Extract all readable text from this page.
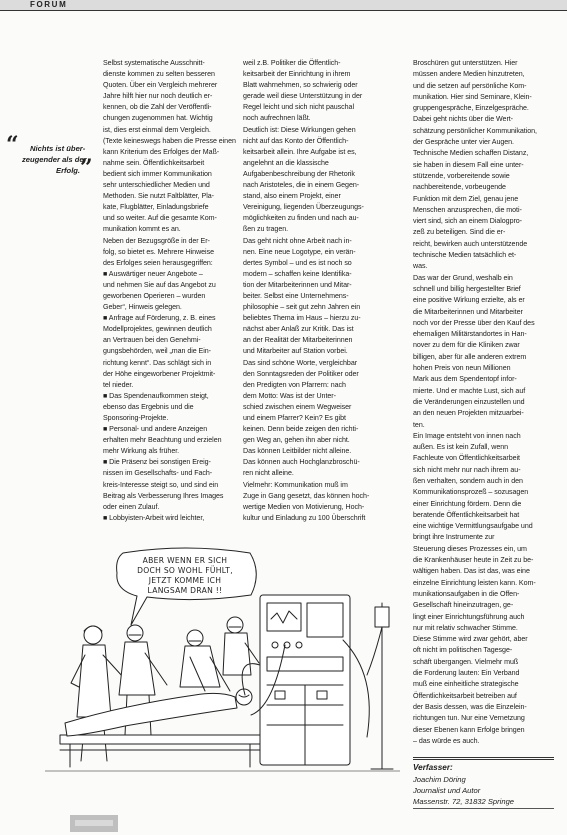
FORUM
“ Nichts ist über-
zeugender als der
Erfolg. ”
Selbst systematische Ausschnitt-
dienste kommen zu selten besseren
Quoten. Über ein Vergleich mehrerer
Jahre hilft hier nur noch deutlich er-
kennen, ob die Zahl der Veröffentli-
chungen zugenommen hat. Wichtig
ist, dies erst einmal dem Vergleich.
(Texte keineswegs haben die Presse einen
kann Kriterium des Erfolges der Maß-
nahme sein. Öffentlichkeitsarbeit
bedient sich immer Kommunikation
sehr unterschiedlicher Medien und
Methoden. Sie nutzt Faltblätter, Pla-
kate, Flugblätter, Einladungsbriefe
und so weiter. Auf die gesamte Kom-
munikation kommt es an.
Neben der Bezugsgröße in der Er-
folg, so bietet es. Mehrere Hinweise
des Erfolges seien herausgegriffen:
■ Auswärtiger neuer Angebote –
und nehmen Sie auf das Angebot zu
geworbenen Operieren – wurden
Geber“, Hinweis gelegen.
■ Anfrage auf Förderung, z. B. eines
Modellprojektes, gewinnen deutlich
an Vertrauen bei den Genehmi-
gungsbehörden, weil „man die Ein-
richtung kennt“. Das schlägt sich in
der Höhe eingeworbener Projektmit-
tel nieder.
■ Das Spendenaufkommen steigt,
ebenso das Ergebnis und die
Sponsoring-Projekte.
■ Personal- und andere Anzeigen
erhalten mehr Beachtung und erzielen
mehr Wirkung als früher.
■ Die Präsenz bei sonstigen Ereig-
nissen im Gesellschafts- und Fach-
kreis-Interesse steigt so, und sind ein
Beitrag als Verbesserung Ihres Images
oder einen Zulauf.
■ Lobbyisten-Arbeit wird leichter,
weil z.B. Politiker die Öffentlich-
keitsarbeit der Einrichtung in ihrem
Blatt wahrnehmen, so schwierig oder
gerade weil diese Unterstützung in der
Regel leicht und sich nicht pauschal
noch aufrechnen läßt.
Deutlich ist: Diese Wirkungen gehen
nicht auf das Konto der Öffentlich-
keitsarbeit allein. Ihre Aufgabe ist es,
angelehnt an die klassische
Aufgabenbeschreibung der Rhetorik
nach Aristoteles, die in einem Gegen-
stand, also einem Projekt, einer
Vereinigung, liegenden Überzeugungs-
möglichkeiten zu finden und nach au-
ßen zu tragen.
Das geht nicht ohne Arbeit nach in-
nen. Eine neue Logotype, ein verän-
dertes Symbol – und es ist noch so
modern – schaffen keine Identifika-
tion der Mitarbeiterinnen und Mitar-
beiter. Selbst eine Unternehmens-
philosophie – seit gut zehn Jahren ein
beliebtes Thema im Haus – hierzu zu-
nächst aber Anlaß zur Kritik. Das ist
an der Realität der Mitarbeiterinnen
und Mitarbeiter auf Station vorbei.
Das sind schöne Worte, vergleichbar
den Sonntagsreden der Politiker oder
den Predigten von Pfarrern: nach
dem Motto: Was ist der Unter-
schied zwischen einem Wegweiser
und einem Pfarrer? Kein? Es gibt
keinen. Denn beide zeigen den richti-
gen Weg an, gehen ihn aber nicht.
Das können Leitbilder nicht alleine.
Das können auch Hochglanzbroschü-
ren nicht alleine.
Vielmehr: Kommunikation muß im
Zuge in Gang gesetzt, das können hoch-
wertige Medien von Motivierung, Hoch-
kultur und Einladung zu 100 Überschrift
Broschüren gut unterstützen. Hier
müssen andere Medien hinzutreten,
und die setzen auf persönliche Kom-
munikation. Hier sind Seminare, Klein-
gruppengespräche, Einzelgespräche.
Dabei geht nichts über die Wert-
schätzung persönlicher Kommunikation,
der Gespräche unter vier Augen.
Technische Medien schaffen Distanz,
sie haben in diesem Fall eine unter-
stützende, vorbereitende sowie
nachbereitende, vorbeugende
Funktion mit dem Ziel, genau jene
Menschen anzusprechen, die moti-
viert sind, sich an einem Dialogpro-
zeß zu beteiligen. Sind die er-
reicht, bewirken auch unterstützende
technische Medien tatsächlich et-
was.
Das war der Grund, weshalb ein
schnell und billig hergestellter Brief
eine positive Wirkung erzielte, als er
die Mitarbeiterinnen und Mitarbeiter
noch vor der Presse über den Kauf des
ehemaligen Militärstandortes in Han-
nover zu dem für die Kliniken zwar
billigen, aber für alle anderen extrem
hohen Preis von neun Millionen
Mark aus dem Spendentopf infor-
mierte. Und er machte Lust, sich auf
die Veränderungen einzustellen und
an den neuen Projekten mitzuarbei-
ten.
Ein Image entsteht von innen nach
außen. Es ist kein Zufall, wenn
Fachleute von Öffentlichkeitsarbeit
sich nicht mehr nur nach ihrem au-
ßen verhalten, sondern auch in den
Kommunikationsprozeß – sozusagen
einer Einrichtung fördern. Denn die
beratende Öffentlichkeitsarbeit hat
eine wichtige Vermittlungsaufgabe und
bringt ihre Instrumente zur
Steuerung dieses Prozesses ein, um
die Krankenhäuser heute in Zeit zu be-
wältigen haben. Das ist das, was eine
einzelne Einrichtung leisten kann. Kom-
munikationsaufgaben in die Offen-
Gesellschaft hineinzutragen, ge-
lingt einer Einrichtungsführung auch
nur mit relativ schwacher Stimme.
Diese Stimme wird zwar gehört, aber
oft nicht im politischen Tagesge-
schäft übergangen. Vielmehr muß
die Forderung lauten: Ein Verband
muß eine einheitliche strategische
Öffentlichkeitsarbeit betreiben auf
der Basis dessen, was die Einzelein-
richtungen tun. Nur eine Vernetzung
dieser Ebenen kann Erfolge bringen
– das würde es auch.
ABER WENN ER SICH
DOCH SO WOHL FÜHLT,
JETZT KOMME ICH
LANGSAM DRAN !!
Verfasser:
Joachim Döring
Journalist und Autor
Massenstr. 72, 31832 Springe
